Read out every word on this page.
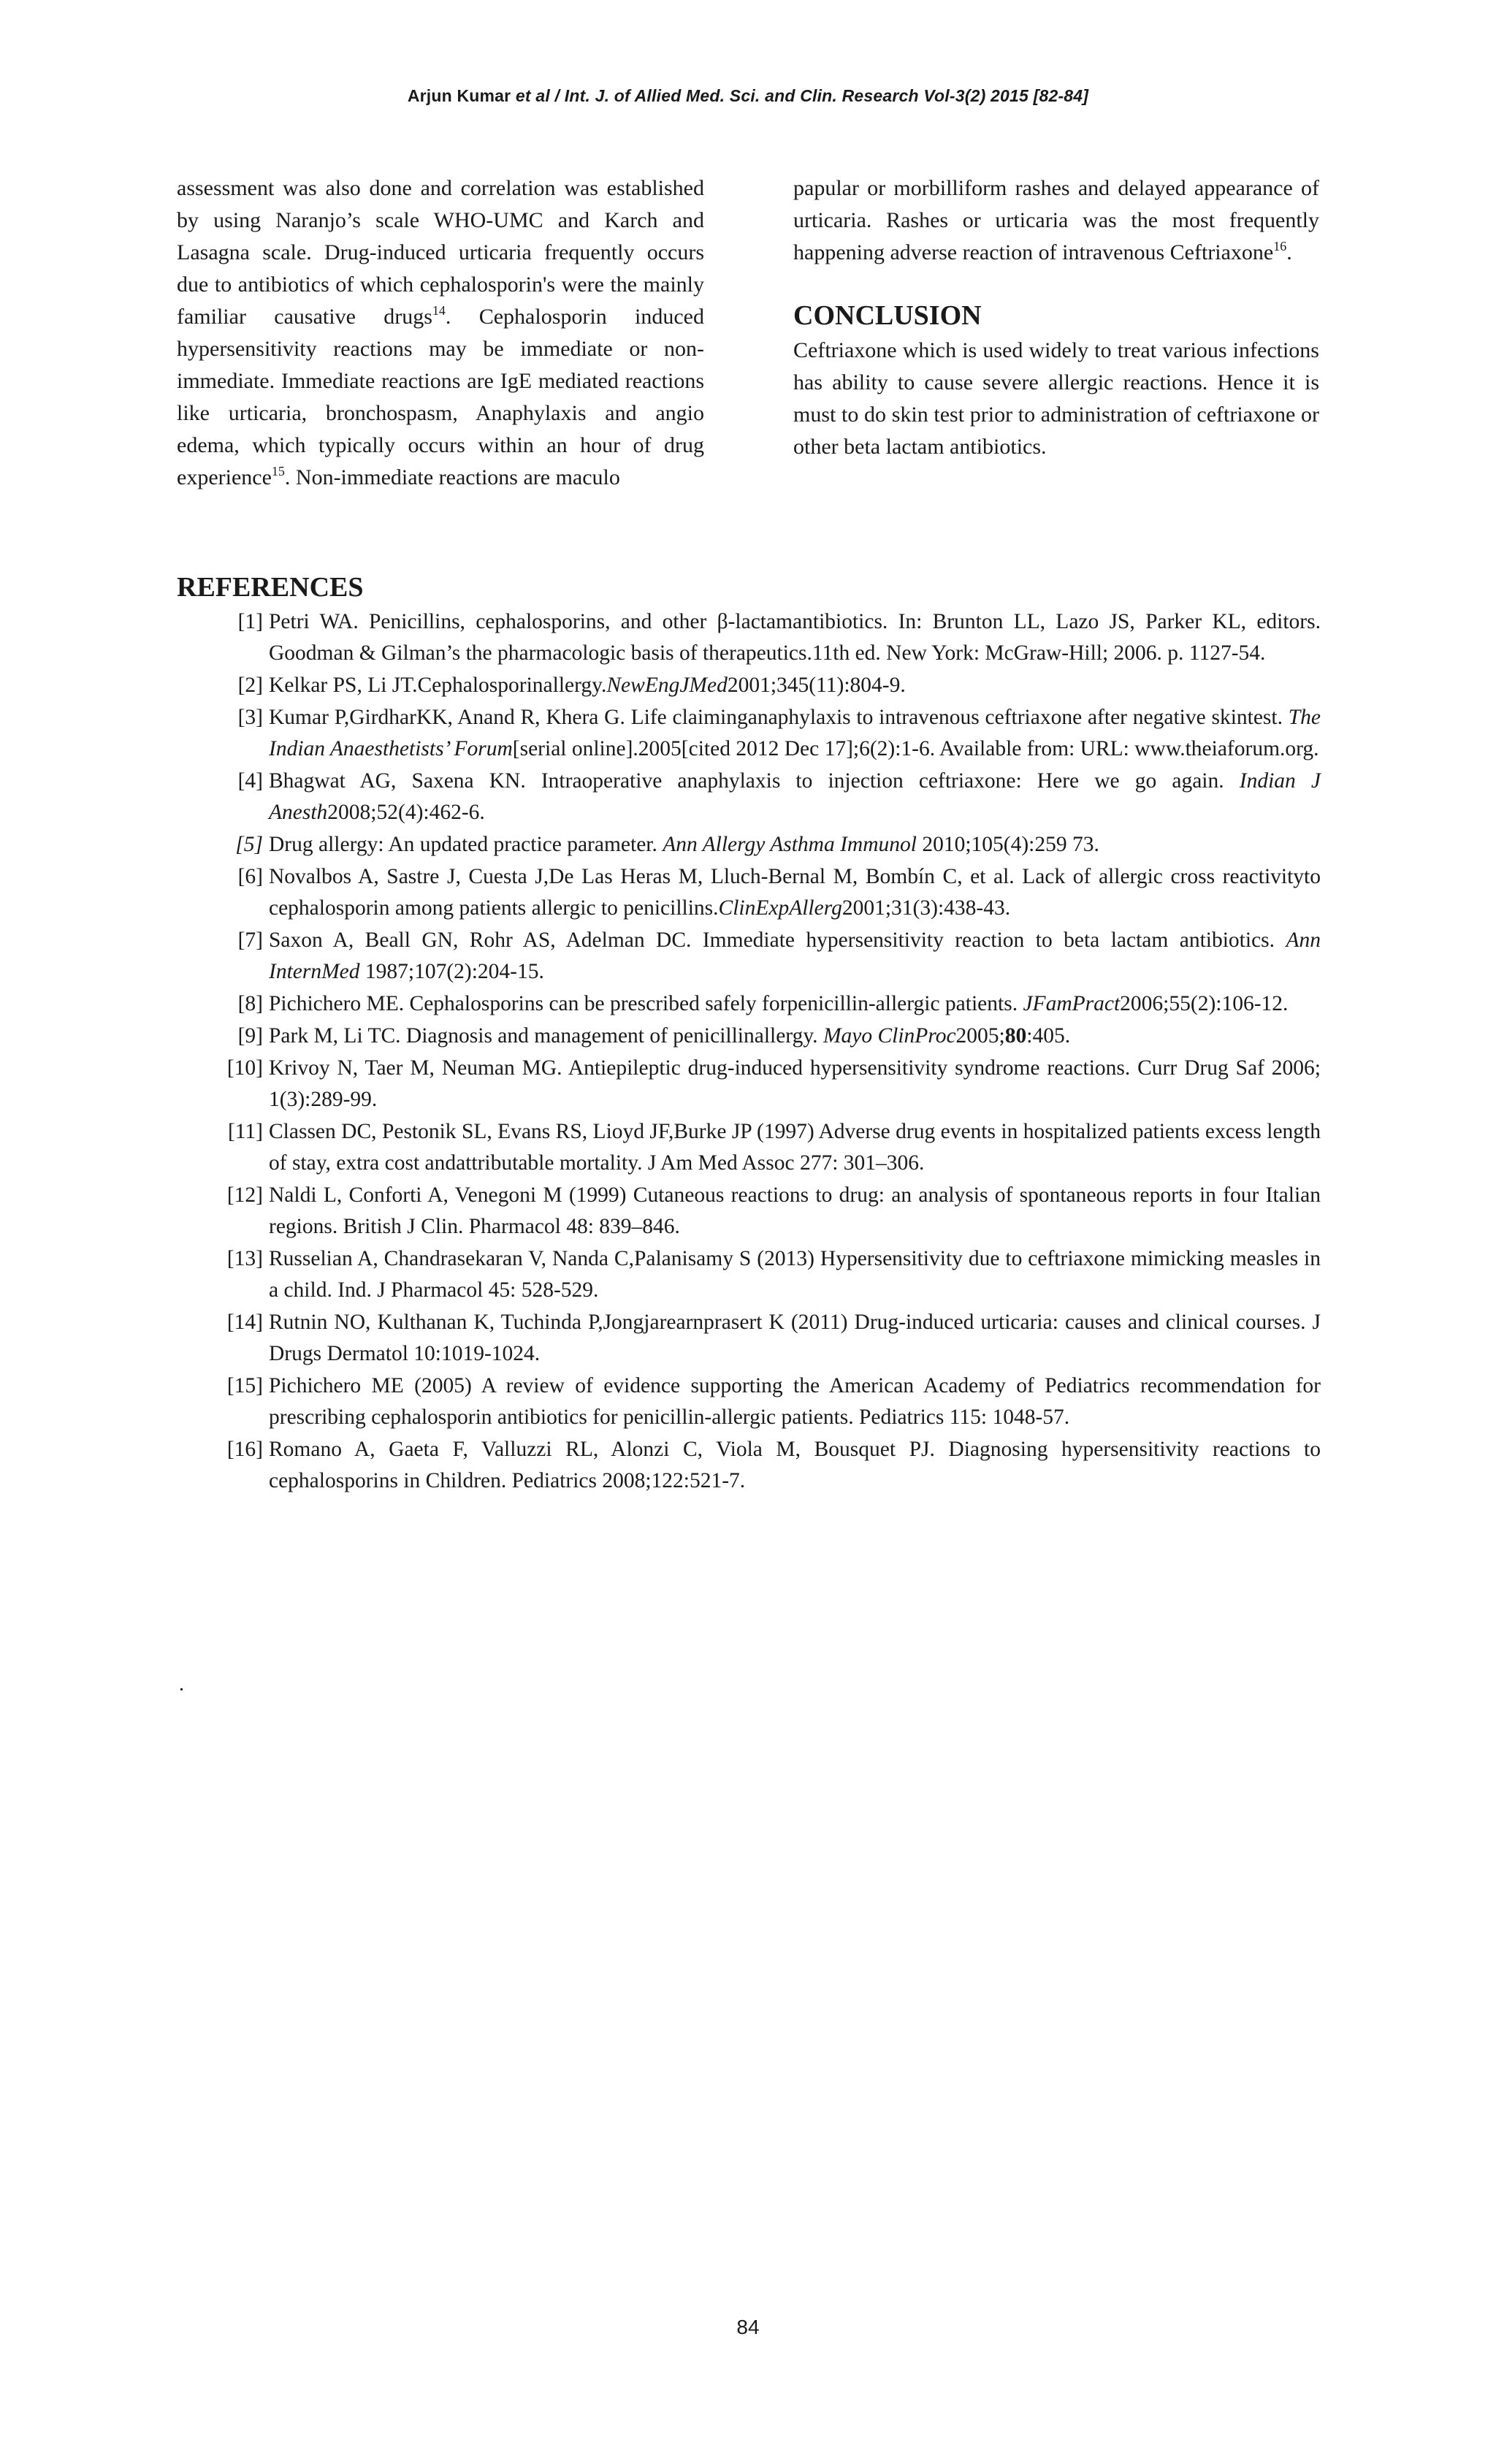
Arjun Kumar et al / Int. J. of Allied Med. Sci. and Clin. Research Vol-3(2) 2015 [82-84]

assessment was also done and correlation was established by using Naranjo’s scale WHO-UMC and Karch and Lasagna scale. Drug-induced urticaria frequently occurs due to antibiotics of which cephalosporin's were the mainly familiar causative drugs$^{14}$. Cephalosporin induced hypersensitivity reactions may be immediate or non-immediate. Immediate reactions are IgE mediated reactions like urticaria, bronchospasm, Anaphylaxis and angio edema, which typically occurs within an hour of drug experience$^{15}$. Non-immediate reactions are maculo

papular or morbilliform rashes and delayed appearance of urticaria. Rashes or urticaria was the most frequently happening adverse reaction of intravenous Ceftriaxone$^{16}$.

CONCLUSION

Ceftriaxone which is used widely to treat various infections has ability to cause severe allergic reactions. Hence it is must to do skin test prior to administration of ceftriaxone or other beta lactam antibiotics.

REFERENCES
[1] Petri WA. Penicillins, cephalosporins, and other β-lactamantibiotics. In: Brunton LL, Lazo JS, Parker KL, editors. Goodman & Gilman’s the pharmacologic basis of therapeutics.11th ed. New York: McGraw-Hill; 2006. p. 1127-54.
[2] Kelkar PS, Li JT.Cephalosporinallergy.NewEngJMed2001;345(11):804-9.
[3] Kumar P,GirdharKK, Anand R, Khera G. Life claiminganaphylaxis to intravenous ceftriaxone after negative skintest. The Indian Anaesthetists’ Forum[serial online].2005[cited 2012 Dec 17];6(2):1-6. Available from: URL: www.theiaforum.org.
[4] Bhagwat AG, Saxena KN. Intraoperative anaphylaxis to injection ceftriaxone: Here we go again. Indian J Anesth2008;52(4):462-6.
[5] Drug allergy: An updated practice parameter. Ann Allergy Asthma Immunol 2010;105(4):259 73.
[6] Novalbos A, Sastre J, Cuesta J,De Las Heras M, Lluch-Bernal M, Bombín C, et al. Lack of allergic cross reactivityto cephalosporin among patients allergic to penicillins.ClinExpAllerg2001;31(3):438-43.
[7] Saxon A, Beall GN, Rohr AS, Adelman DC. Immediate hypersensitivity reaction to beta lactam antibiotics. Ann InternMed 1987;107(2):204-15.
[8] Pichichero ME. Cephalosporins can be prescribed safely forpenicillin-allergic patients. JFamPract2006;55(2):106-12.
[9] Park M, Li TC. Diagnosis and management of penicillinallergy. Mayo ClinProc2005;80:405.
[10] Krivoy N, Taer M, Neuman MG. Antiepileptic drug-induced hypersensitivity syndrome reactions. Curr Drug Saf 2006; 1(3):289-99.
[11] Classen DC, Pestonik SL, Evans RS, Lioyd JF,Burke JP (1997) Adverse drug events in hospitalized patients excess length of stay, extra cost andattributable mortality. J Am Med Assoc 277: 301–306.
[12] Naldi L, Conforti A, Venegoni M (1999) Cutaneous reactions to drug: an analysis of spontaneous reports in four Italian regions. British J Clin. Pharmacol 48: 839–846.
[13] Russelian A, Chandrasekaran V, Nanda C,Palanisamy S (2013) Hypersensitivity due to ceftriaxone mimicking measles in a child. Ind. J Pharmacol 45: 528-529.
[14] Rutnin NO, Kulthanan K, Tuchinda P,Jongjarearnprasert K (2011) Drug-induced urticaria: causes and clinical courses. J Drugs Dermatol 10:1019-1024.
[15] Pichichero ME (2005) A review of evidence supporting the American Academy of Pediatrics recommendation for prescribing cephalosporin antibiotics for penicillin-allergic patients. Pediatrics 115: 1048-57.
[16] Romano A, Gaeta F, Valluzzi RL, Alonzi C, Viola M, Bousquet PJ. Diagnosing hypersensitivity reactions to cephalosporins in Children. Pediatrics 2008;122:521-7.
.
84
